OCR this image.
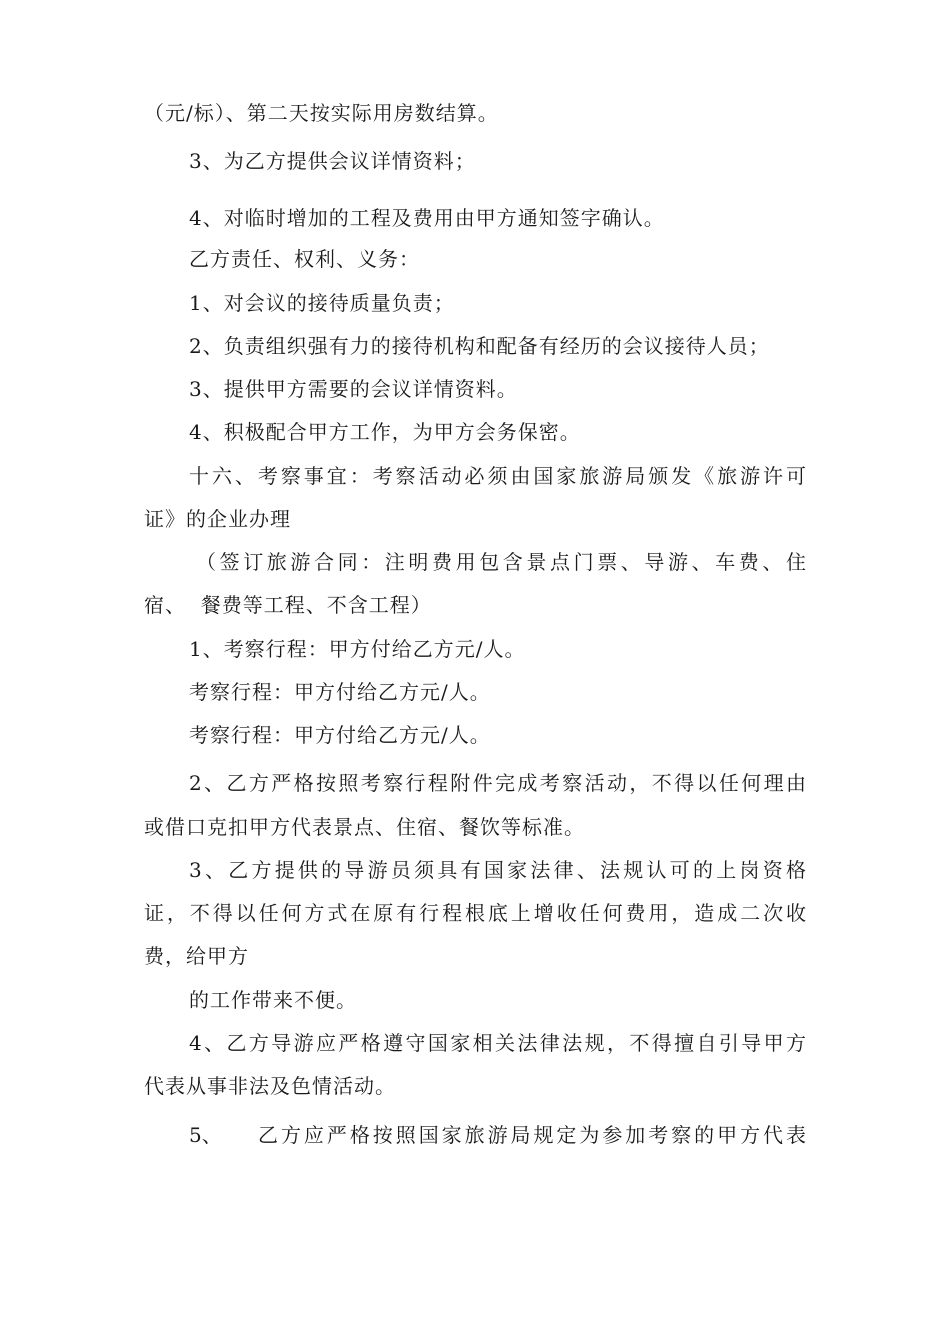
（元/标）、第二天按实际用房数结算。
3、为乙方提供会议详情资料；
4、对临时增加的工程及费用由甲方通知签字确认。
乙方责任、权利、义务：
1、对会议的接待质量负责；
2、负责组织强有力的接待机构和配备有经历的会议接待人员；
3、提供甲方需要的会议详情资料。
4、积极配合甲方工作，为甲方会务保密。
十六、考察事宜：考察活动必须由国家旅游局颁发《旅游许可
证》的企业办理
（签订旅游合同：注明费用包含景点门票、导游、车费、住
宿、  餐费等工程、不含工程）
1、考察行程：甲方付给乙方元/人。
考察行程：甲方付给乙方元/人。
考察行程：甲方付给乙方元/人。
2、乙方严格按照考察行程附件完成考察活动，不得以任何理由
或借口克扣甲方代表景点、住宿、餐饮等标准。
3、乙方提供的导游员须具有国家法律、法规认可的上岗资格
证，不得以任何方式在原有行程根底上增收任何费用，造成二次收
费，给甲方
的工作带来不便。
4、乙方导游应严格遵守国家相关法律法规，不得擅自引导甲方
代表从事非法及色情活动。
5、 乙方应严格按照国家旅游局规定为参加考察的甲方代表
